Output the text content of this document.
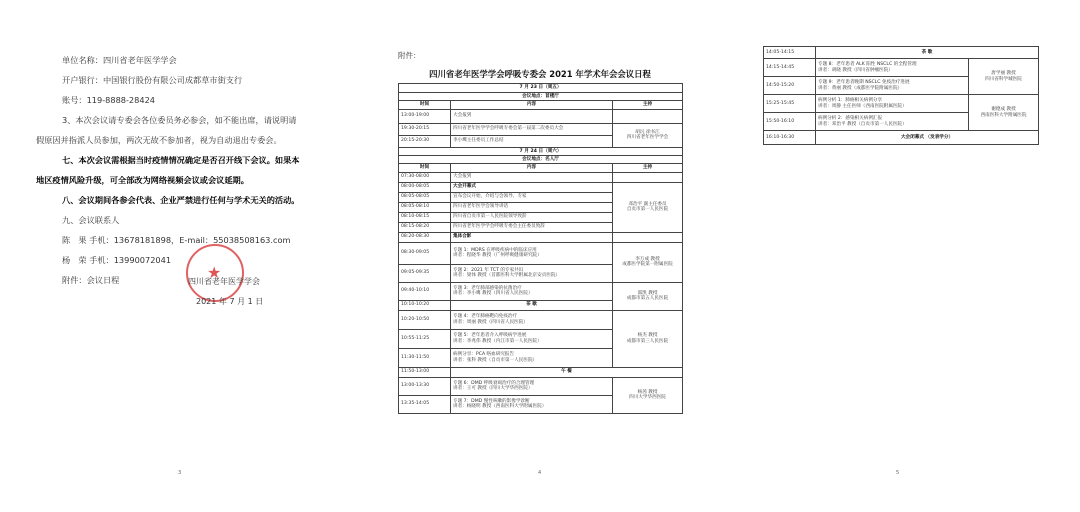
单位名称：四川省老年医学学会
开户银行：中国银行股份有限公司成都草市街支行
账号：119-8888-28424
3、本次会议请专委会各位委员务必参会，如不能出席，请说明请
假原因并指派人员参加，两次无故不参加者，视为自动退出专委会。
七、本次会议需根据当时疫情情况确定是否召开线下会议。如果本
地区疫情风险升级，可全部改为网络视频会议或会议延期。
八、会议期间各参会代表、企业严禁进行任何与学术无关的活动。
九、会议联系人
陈　果 手机：13678181898，E-mail：55038508163.com
杨　荣 手机：13990072041
附件：会议日程	★
四川省老年医学学会
2021 年 7 月 1 日
3
附件：
四川省老年医学学会呼吸专委会 2021 年学术年会会议日程
7 月 23 日（周五）		
会议地点：首楼厅		
时间	内容	主持
13:00-19:00	大会报到	
19:30-20:15	四川省老年医学学会呼吸专委会第一届第二次委员大会	胡沅 徐书江
四川省老年医学学会
20:15-20:30	李小鹰主任委员工作总结	
7 月 24 日（周六）		
会议地点：名人厅		
时间	内容	主持
07:30-08:00	大会报到	
08:00-08:05	大会开幕式	邓治平 副主任委员
自贡市第一人民医院
08:05-08:05	宣布会议开始，介绍与会领导、专家	
08:05-08:10	四川省老年医学会领导讲话	
08:10-08:15	四川省自贡市第一人民医院领导致辞	
08:15-08:20	四川省老年医学学会呼吸专委会主任委员致辞	
08:20-08:30	集体合影	
08:30-09:05	专题 1：MDRS 在呼吸疾病中的临床应用
讲者：程晓华 教授（广州呼吸健康研究院）	李万成 教授
成都医学院第一附属医院
09:05-09:35	专题 2：2021 年 TCT 的专家共识
讲者：梁体 教授（首都医科大学附属北京安贞医院）	

09:40-10:10	专题 3：老年肺部感染的抗菌治疗
讲者：李小鹰 教授（四川省人民医院）	邵凯 教授
成都市第五人民医院
10:10-10:20	茶 歇	
10:20-10:50	专题 4：老年肺癌靶向免疫治疗
讲者：周丽 教授（四川省人民医院）	杨杰 教授
成都市第三人民医院
10:55-11:25	专题 5：老年患者介入呼吸病学进展
讲者：李兆伟 教授（内江市第一人民医院）	

11:30-11:50	病例分享：PCA 咯血研究报告
讲者：张科 教授（自贡市第一人民医院）	

11:50-13:00	午 餐	
13:00-13:30	专题 6：DMD 呼吸衰竭治疗的合理管理
讲者：王可 教授（四川大学华西医院）	杨茜 教授
四川大学华西医院
13:35-14:05	专题 7：DMD 慢性咳嗽的影像学诊断
讲者：杨晓明 教授（西南医科大学附属医院）	
4
14:05-14:15	茶 歇	
14:15-14:45	专题 8：老年患者 ALK 阳性 NSCLC 的全程管理
讲者：胡晓 教授（四川省肿瘤医院）	唐学丽 教授
四川省科学城医院
14:50-15:20	专题 9：老年患者晚期 NSCLC 免疫治疗进展
讲者：黄丽 教授（成都医学院附属医院）	

15:25-15:45	病例分析 1：肺癌相关病例分享
讲者：周静 主任医师（西南医院附属医院）	谢德成 教授
西南医科大学附属医院
15:50-16:10	病例分析 2：感染相关病例汇报
讲者：邓治平 教授（自贡市第一人民医院）	

16:10-16:30	大会闭幕式 （发表学分）	
5
